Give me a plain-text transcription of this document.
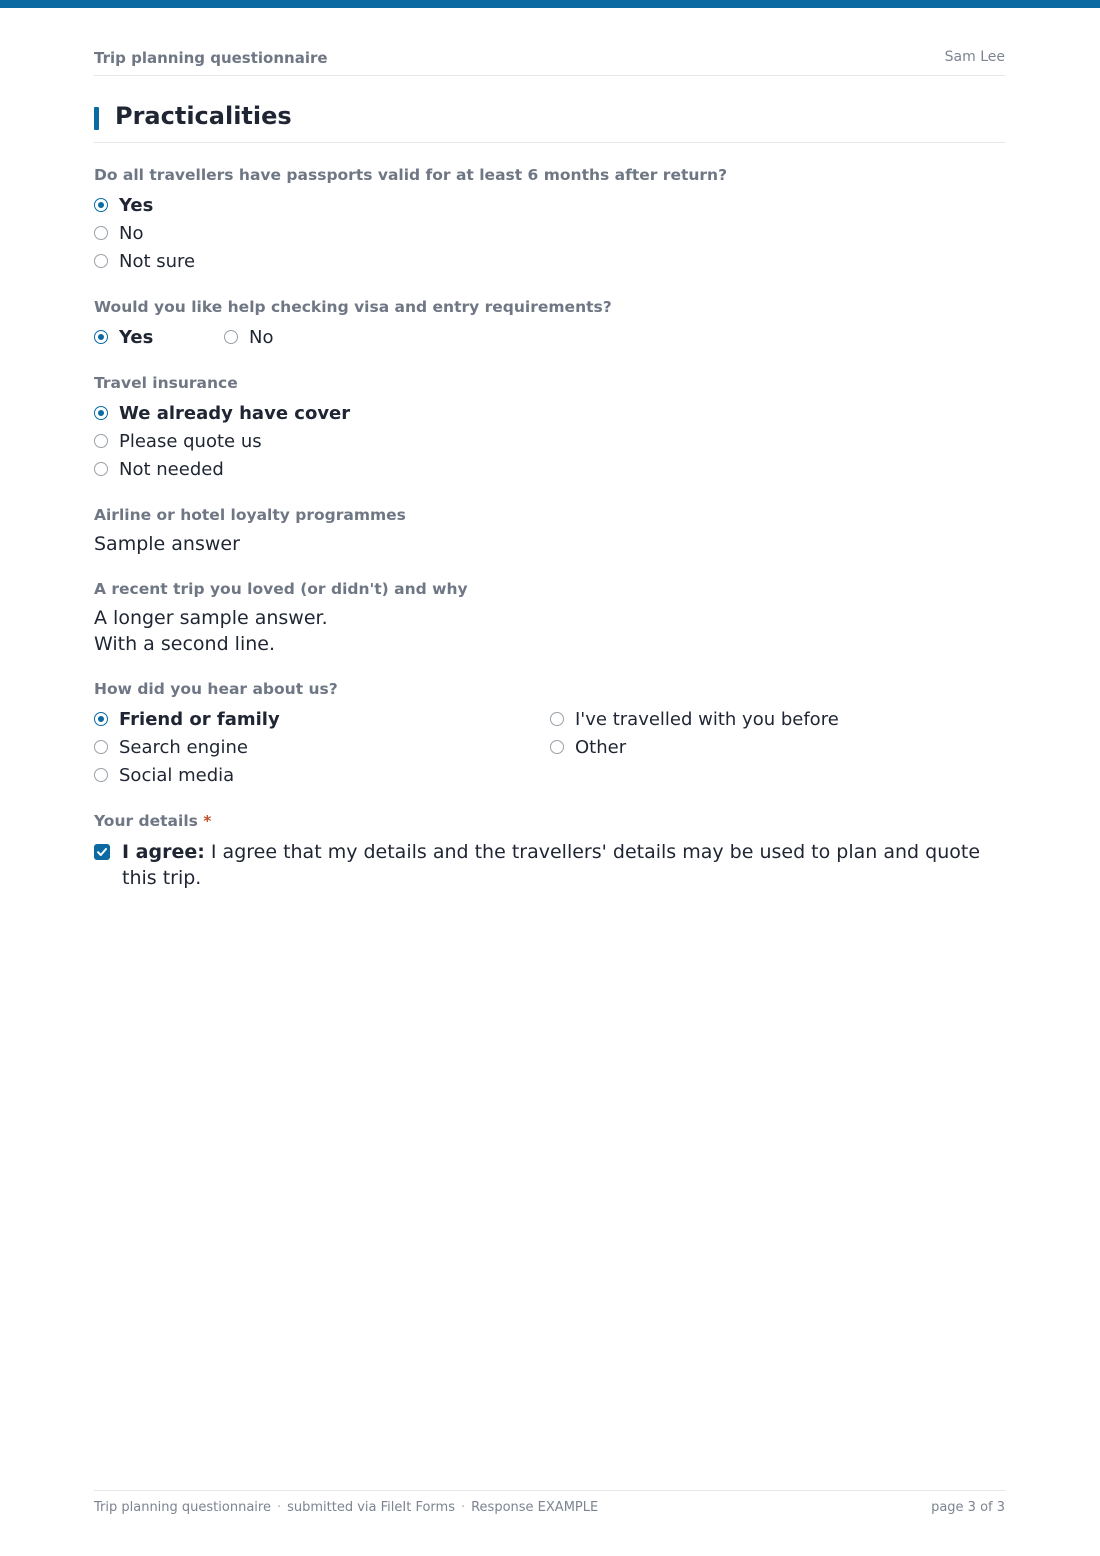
Trip planning questionnaire	Sam Lee
Practicalities
Do all travellers have passports valid for at least 6 months after return?
Yes
No
Not sure
Would you like help checking visa and entry requirements?
Yes	No
Travel insurance
We already have cover
Please quote us
Not needed
Airline or hotel loyalty programmes
Sample answer
A recent trip you loved (or didn't) and why
A longer sample answer.
With a second line.
How did you hear about us?
Friend or family	I've travelled with you before
Search engine	Other
Social media
Your details *
I agree: I agree that my details and the travellers' details may be used to plan and quote this trip.
Trip planning questionnaire · submitted via FileIt Forms · Response EXAMPLE	page 3 of 3
